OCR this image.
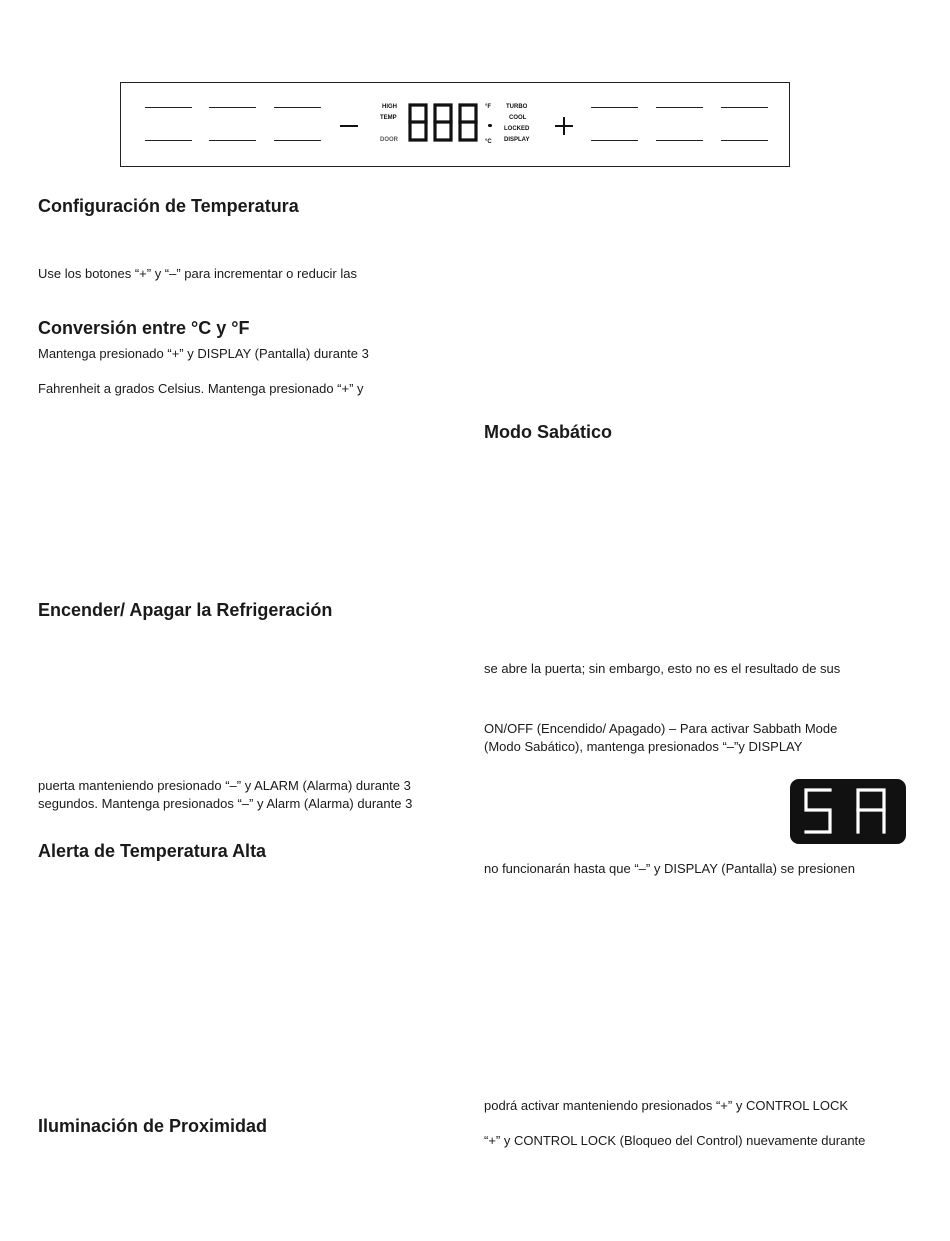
HIGH
TEMP
DOOR
°F
°C
TURBO
COOL
LOCKED
DISPLAY
Configuración de Temperatura

Use los botones “+” y “–” para incrementar o reducir las

Conversión entre °C y °F

Mantenga presionado “+” y DISPLAY (Pantalla) durante 3

Fahrenheit a grados Celsius. Mantenga presionado “+” y

Encender/ Apagar la Refrigeración

puerta manteniendo presionado “–” y ALARM (Alarma) durante 3

segundos. Mantenga presionados “–” y Alarm (Alarma) durante 3

Alerta de Temperatura Alta
Iluminación de Proximidad
Modo Sabático

se abre la puerta; sin embargo, esto no es el resultado de sus

ON/OFF (Encendido/ Apagado) – Para activar Sabbath Mode

(Modo Sabático), mantenga presionados “–”y DISPLAY

no funcionarán hasta que “–” y DISPLAY (Pantalla) se presionen

podrá activar manteniendo presionados “+” y CONTROL LOCK

“+” y CONTROL LOCK (Bloqueo del Control) nuevamente durante
